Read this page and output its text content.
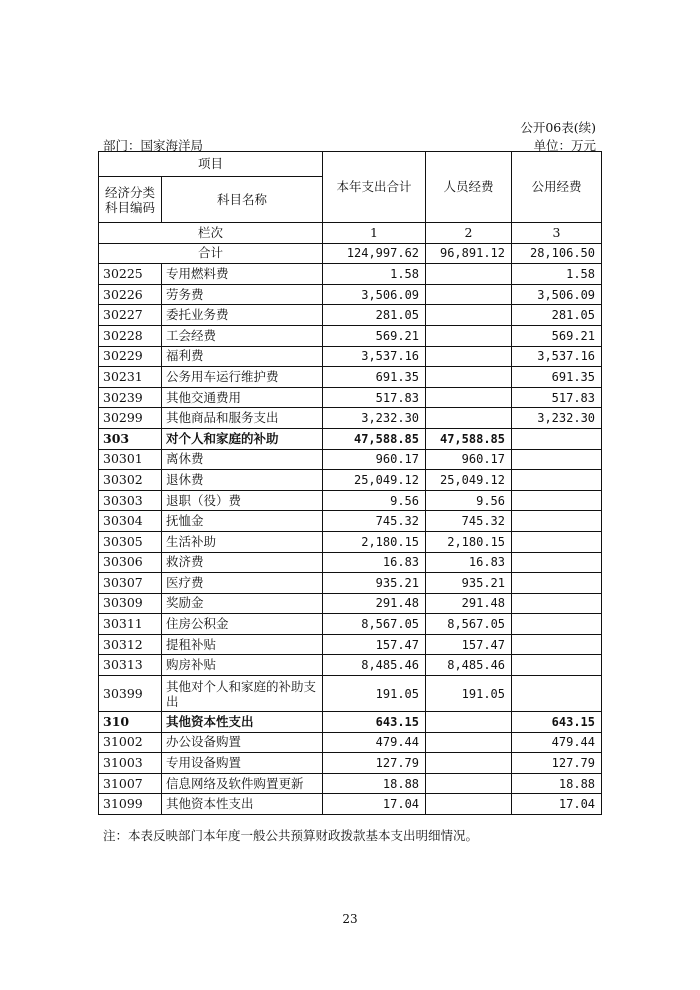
公开06表(续)
部门：国家海洋局	单位：万元
项目		本年支出合计	人员经费	公用经费
经济分类科目编码	科目名称			
栏次		1	2	3
合计		124,997.62	96,891.12	28,106.50
30225	专用燃料费	1.58		1.58
30226	劳务费	3,506.09		3,506.09
30227	委托业务费	281.05		281.05
30228	工会经费	569.21		569.21
30229	福利费	3,537.16		3,537.16
30231	公务用车运行维护费	691.35		691.35
30239	其他交通费用	517.83		517.83
30299	其他商品和服务支出	3,232.30		3,232.30
303	对个人和家庭的补助	47,588.85	47,588.85	
30301	离休费	960.17	960.17	
30302	退休费	25,049.12	25,049.12	
30303	退职（役）费	9.56	9.56	
30304	抚恤金	745.32	745.32	
30305	生活补助	2,180.15	2,180.15	
30306	救济费	16.83	16.83	
30307	医疗费	935.21	935.21	
30309	奖励金	291.48	291.48	
30311	住房公积金	8,567.05	8,567.05	
30312	提租补贴	157.47	157.47	
30313	购房补贴	8,485.46	8,485.46	
30399	其他对个人和家庭的补助支出	191.05	191.05	
310	其他资本性支出	643.15		643.15
31002	办公设备购置	479.44		479.44
31003	专用设备购置	127.79		127.79
31007	信息网络及软件购置更新	18.88		18.88
31099	其他资本性支出	17.04		17.04
注：本表反映部门本年度一般公共预算财政拨款基本支出明细情况。
23
